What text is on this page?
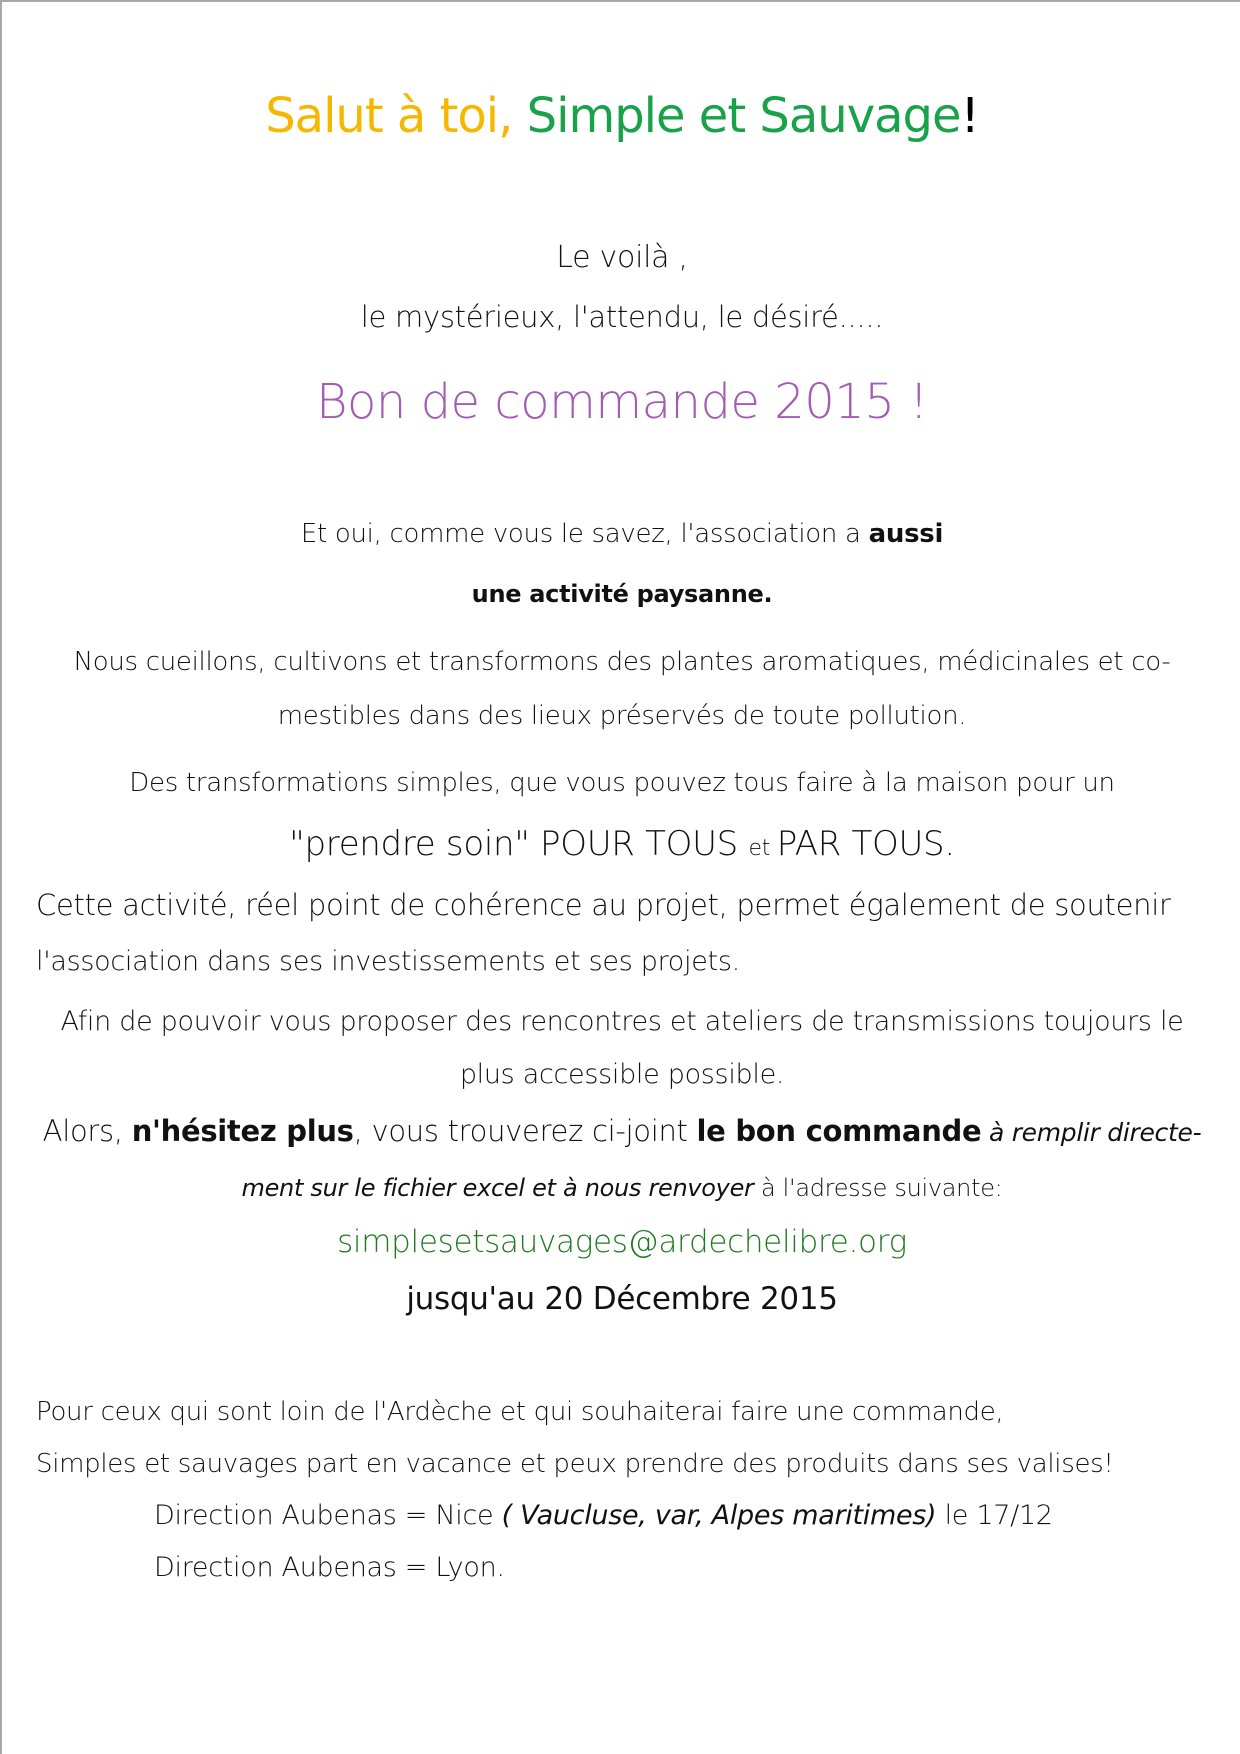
Salut à toi, Simple et Sauvage!
Le voilà ,
le mystérieux, l'attendu, le désiré.....
Bon de commande 2015 !
Et oui, comme vous le savez, l'association a aussi
une activité paysanne.
Nous cueillons, cultivons et transformons des plantes aromatiques, médicinales et co-
mestibles dans des lieux préservés de toute pollution.
Des transformations simples, que vous pouvez tous faire à la maison pour un
"prendre soin" POUR TOUS et PAR TOUS.
Cette activité, réel point de cohérence au projet, permet également de soutenir
l'association dans ses investissements et ses projets.
Afin de pouvoir vous proposer des rencontres et ateliers de transmissions toujours le
plus accessible possible.
Alors, n'hésitez plus, vous trouverez ci-joint le bon commande à remplir directe-
ment sur le fichier excel et à nous renvoyer à l'adresse suivante:
simplesetsauvages@ardechelibre.org
jusqu'au 20 Décembre 2015
Pour ceux qui sont loin de l'Ardèche et qui souhaiterai faire une commande,
Simples et sauvages part en vacance et peux prendre des produits dans ses valises!
Direction Aubenas = Nice ( Vaucluse, var, Alpes maritimes) le 17/12
Direction Aubenas = Lyon.
